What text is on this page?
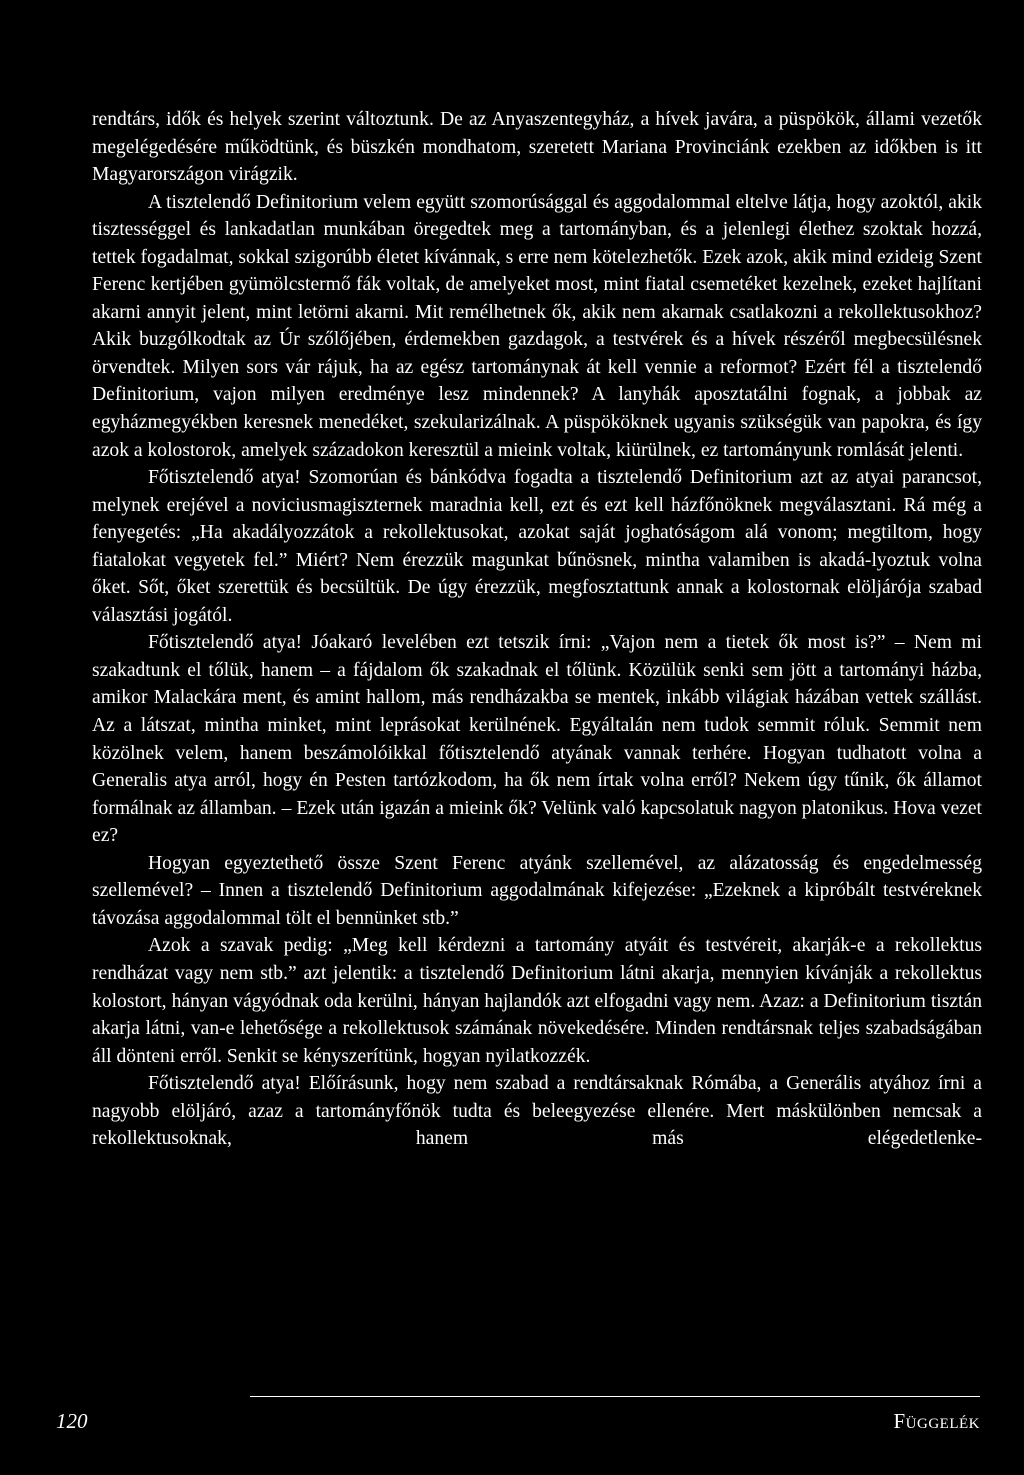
rendtárs, idők és helyek szerint változtunk. De az Anyaszentegyház, a hívek javára, a püspökök, állami vezetők megelégedésére működtünk, és büszkén mondhatom, szeretett Mariana Provinciánk ezekben az időkben is itt Magyarországon virágzik.

A tisztelendő Definitorium velem együtt szomorúsággal és aggodalommal eltelve látja, hogy azoktól, akik tisztességgel és lankadatlan munkában öregedtek meg a tartományban, és a jelenlegi élethez szoktak hozzá, tettek fogadalmat, sokkal szigorúbb életet kívánnak, s erre nem kötelezhetők. Ezek azok, akik mind ezideig Szent Ferenc kertjében gyümölcstermő fák voltak, de amelyeket most, mint fiatal csemetéket kezelnek, ezeket hajlítani akarni annyit jelent, mint letörni akarni. Mit remélhetnek ők, akik nem akarnak csatlakozni a rekollektusokhoz? Akik buzgólkodtak az Úr szőlőjében, érdemekben gazdagok, a testvérek és a hívek részéről megbecsülésnek örvendtek. Milyen sors vár rájuk, ha az egész tartománynak át kell vennie a reformot? Ezért fél a tisztelendő Definitorium, vajon milyen eredménye lesz mindennek? A lanyhák aposztatálni fognak, a jobbak az egyházmegyékben keresnek menedéket, szekularizálnak. A püspököknek ugyanis szükségük van papokra, és így azok a kolostorok, amelyek századokon keresztül a mieink voltak, kiürülnek, ez tartományunk romlását jelenti.

Főtisztelendő atya! Szomorúan és bánkódva fogadta a tisztelendő Definitorium azt az atyai parancsot, melynek erejével a noviciusmagiszternek maradnia kell, ezt és ezt kell házfőnöknek megválasztani. Rá még a fenyegetés: „Ha akadályozzátok a rekollektusokat, azokat saját joghatóságom alá vonom; megtiltom, hogy fiatalokat vegyetek fel.” Miért? Nem érezzük magunkat bűnösnek, mintha valamiben is akadá-lyoztuk volna őket. Sőt, őket szerettük és becsültük. De úgy érezzük, megfosztattunk annak a kolostornak elöljárója szabad választási jogától.

Főtisztelendő atya! Jóakaró levelében ezt tetszik írni: „Vajon nem a tietek ők most is?” – Nem mi szakadtunk el tőlük, hanem – a fájdalom ők szakadnak el tőlünk. Közülük senki sem jött a tartományi házba, amikor Malackára ment, és amint hallom, más rendházakba se mentek, inkább világiak házában vettek szállást. Az a látszat, mintha minket, mint leprásokat kerülnének. Egyáltalán nem tudok semmit róluk. Semmit nem közölnek velem, hanem beszámolóikkal főtisztelendő atyának vannak terhére. Hogyan tudhatott volna a Generalis atya arról, hogy én Pesten tartózkodom, ha ők nem írtak volna erről? Nekem úgy tűnik, ők államot formálnak az államban. – Ezek után igazán a mieink ők? Velünk való kapcsolatuk nagyon platonikus. Hova vezet ez?

Hogyan egyeztethető össze Szent Ferenc atyánk szellemével, az alázatosság és engedelmesség szellemével? – Innen a tisztelendő Definitorium aggodalmának kifejezése: „Ezeknek a kipróbált testvéreknek távozása aggodalommal tölt el bennünket stb.”

Azok a szavak pedig: „Meg kell kérdezni a tartomány atyáit és testvéreit, akarják-e a rekollektus rendházat vagy nem stb.” azt jelentik: a tisztelendő Definitorium látni akarja, mennyien kívánják a rekollektus kolostort, hányan vágyódnak oda kerülni, hányan hajlandók azt elfogadni vagy nem. Azaz: a Definitorium tisztán akarja látni, van-e lehetősége a rekollektusok számának növekedésére. Minden rendtársnak teljes szabadságában áll dönteni erről. Senkit se kényszerítünk, hogyan nyilatkozzék.

Főtisztelendő atya! Előírásunk, hogy nem szabad a rendtársaknak Rómába, a Generális atyához írni a nagyobb elöljáró, azaz a tartományfőnök tudta és beleegyezése ellenére. Mert máskülönben nemcsak a rekollektusoknak, hanem más elégedetlenke-

120	Függelék
